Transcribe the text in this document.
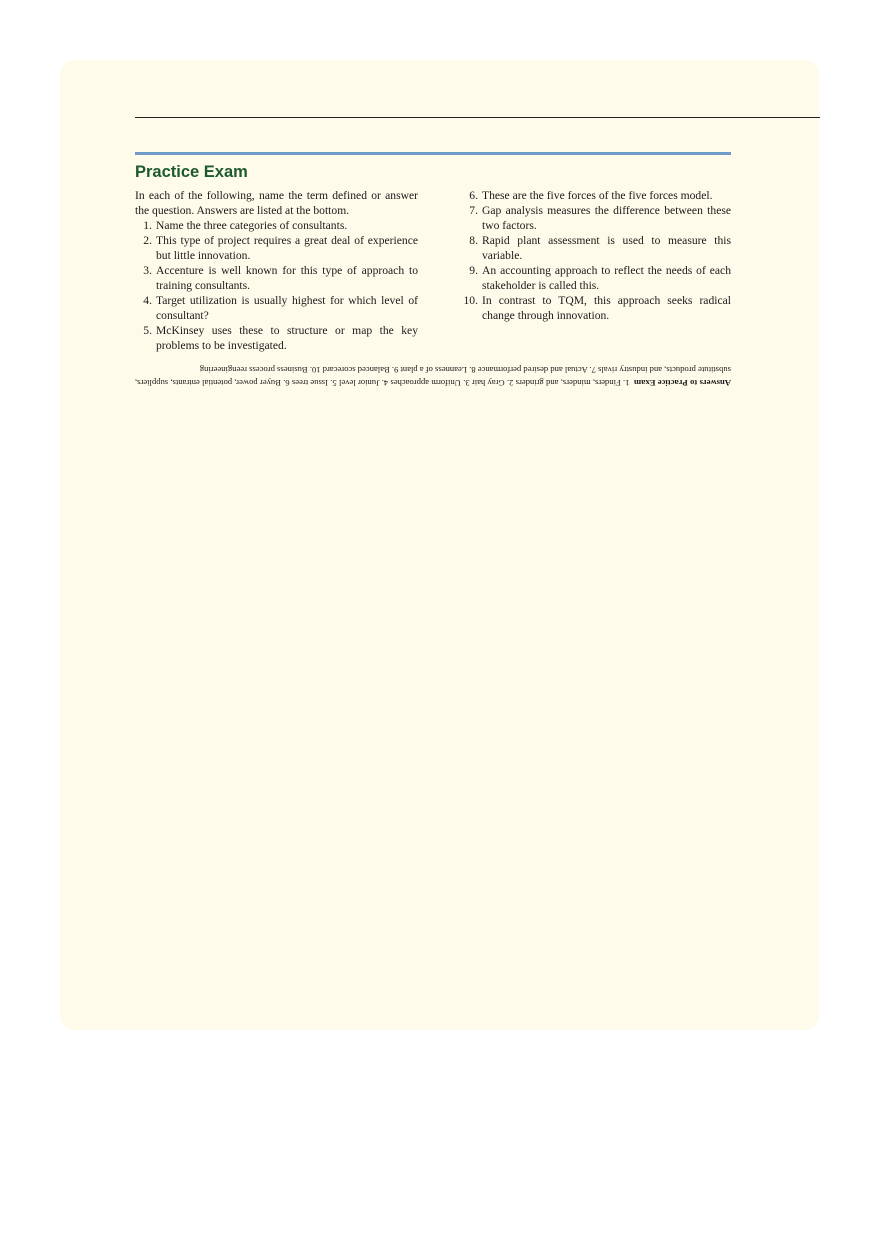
Practice Exam

In each of the following, name the term defined or answer the question. Answers are listed at the bottom.

1. Name the three categories of consultants.
2. This type of project requires a great deal of experience but little innovation.
3. Accenture is well known for this type of approach to training consultants.
4. Target utilization is usually highest for which level of consultant?
5. McKinsey uses these to structure or map the key problems to be investigated.
6. These are the five forces of the five forces model.
7. Gap analysis measures the difference between these two factors.
8. Rapid plant assessment is used to measure this variable.
9. An accounting approach to reflect the needs of each stakeholder is called this.
10. In contrast to TQM, this approach seeks radical change through innovation.
Answers to Practice Exam  1. Finders, minders, and grinders 2. Gray hair 3. Uniform approaches 4. Junior level 5. Issue trees 6. Buyer power, potential entrants, suppliers, substitute products, and industry rivals 7. Actual and desired performance 8. Leanness of a plant 9. Balanced scorecard 10. Business process reengineering
